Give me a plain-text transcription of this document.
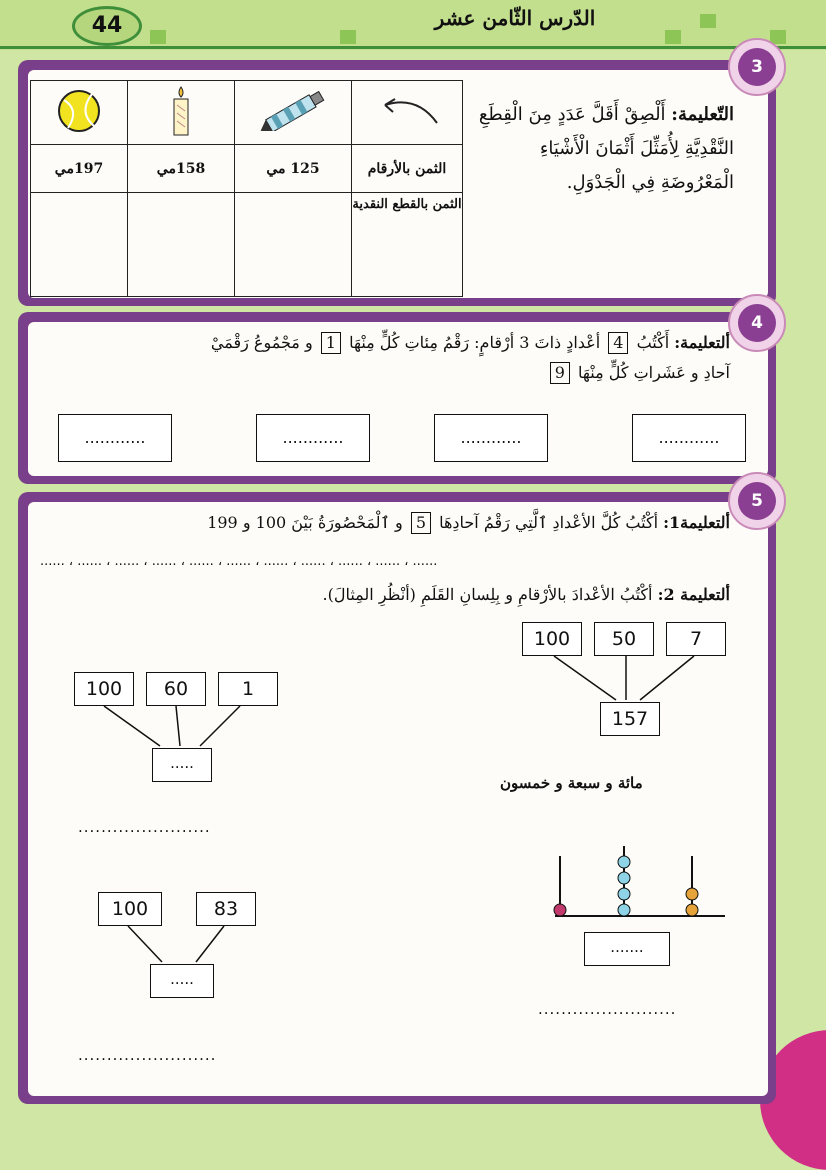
44	الدّرس الثّامن عشر
3
التّعليمة: أَلْصِقْ أَقَلَّ عَدَدٍ مِنَ الْقِطَعِ النَّقْدِيَّةِ لِأُمَثِّلَ أَثْمَانَ الْأَشْيَاءِ الْمَعْرُوضَةِ فِي الْجَدْوَلِ.

الثمن بالأرقام	125 مي	158مي	197مي
الثمن بالقطع النقدية			
4
ألتعليمة: أَكْتُبُ 4 أعْدادٍ ذاتَ 3 أرْقامٍ: رَقْمُ مِئاتِ كُلٍّ مِنْهَا 1 و مَجْمُوعُ رَقْمَيْ
آحادِ و عَشَراتِ كُلٍّ مِنْهَا 9
............
............
............
............
5
ألتعليمة1: أكْتُبُ كُلَّ الأعْدادِ ٱلَّتِي رَقْمُ آحادِهَا 5 و ٱلْمَحْصُورَةُ بَيْنَ 100 و 199
...... ، ...... ، ...... ، ...... ، ...... ، ...... ، ...... ، ...... ، ...... ، ...... ، ......
ألتعليمة 2: أكْتُبُ الأعْدادَ بالأرْقامِ و بِلِسانِ القَلَمِ (أنْظُرِ المِثالَ).
100	50	7
157
مائة و سبعة و خمسون
100	60	1
.....
.......................
100	83
.....
........................
.......
........................
